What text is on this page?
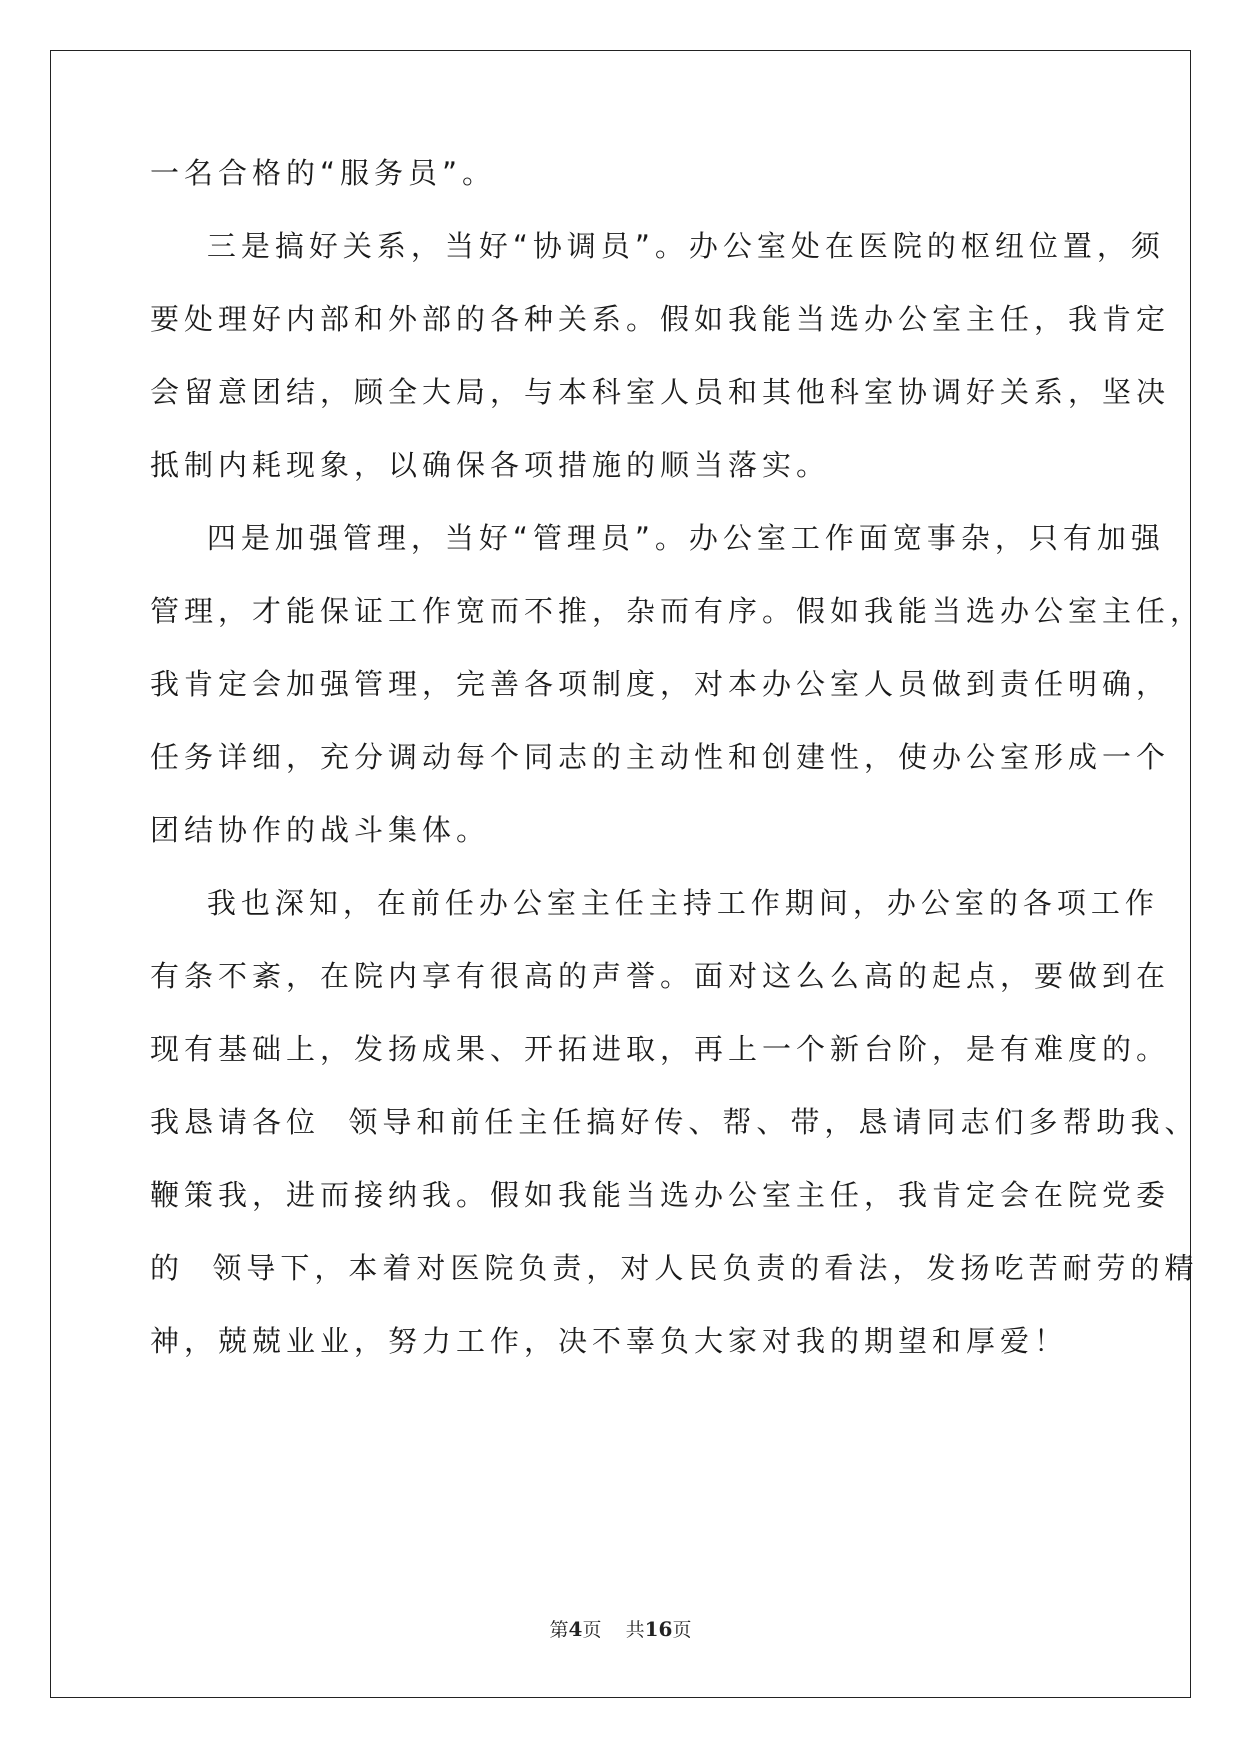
一名合格的“服务员”。
三是搞好关系，当好“协调员”。办公室处在医院的枢纽位置，须
要处理好内部和外部的各种关系。假如我能当选办公室主任，我肯定
会留意团结，顾全大局，与本科室人员和其他科室协调好关系，坚决
抵制内耗现象，以确保各项措施的顺当落实。
四是加强管理，当好“管理员”。办公室工作面宽事杂，只有加强
管理，才能保证工作宽而不推，杂而有序。假如我能当选办公室主任，
我肯定会加强管理，完善各项制度，对本办公室人员做到责任明确，
任务详细，充分调动每个同志的主动性和创建性，使办公室形成一个
团结协作的战斗集体。
我也深知，在前任办公室主任主持工作期间，办公室的各项工作
有条不紊，在院内享有很高的声誉。面对这么么高的起点，要做到在
现有基础上，发扬成果、开拓进取，再上一个新台阶，是有难度的。
我恳请各位  领导和前任主任搞好传、帮、带，恳请同志们多帮助我、
鞭策我，进而接纳我。假如我能当选办公室主任，我肯定会在院党委
的  领导下，本着对医院负责，对人民负责的看法，发扬吃苦耐劳的精
神，兢兢业业，努力工作，决不辜负大家对我的期望和厚爱！
第4页 共16页
